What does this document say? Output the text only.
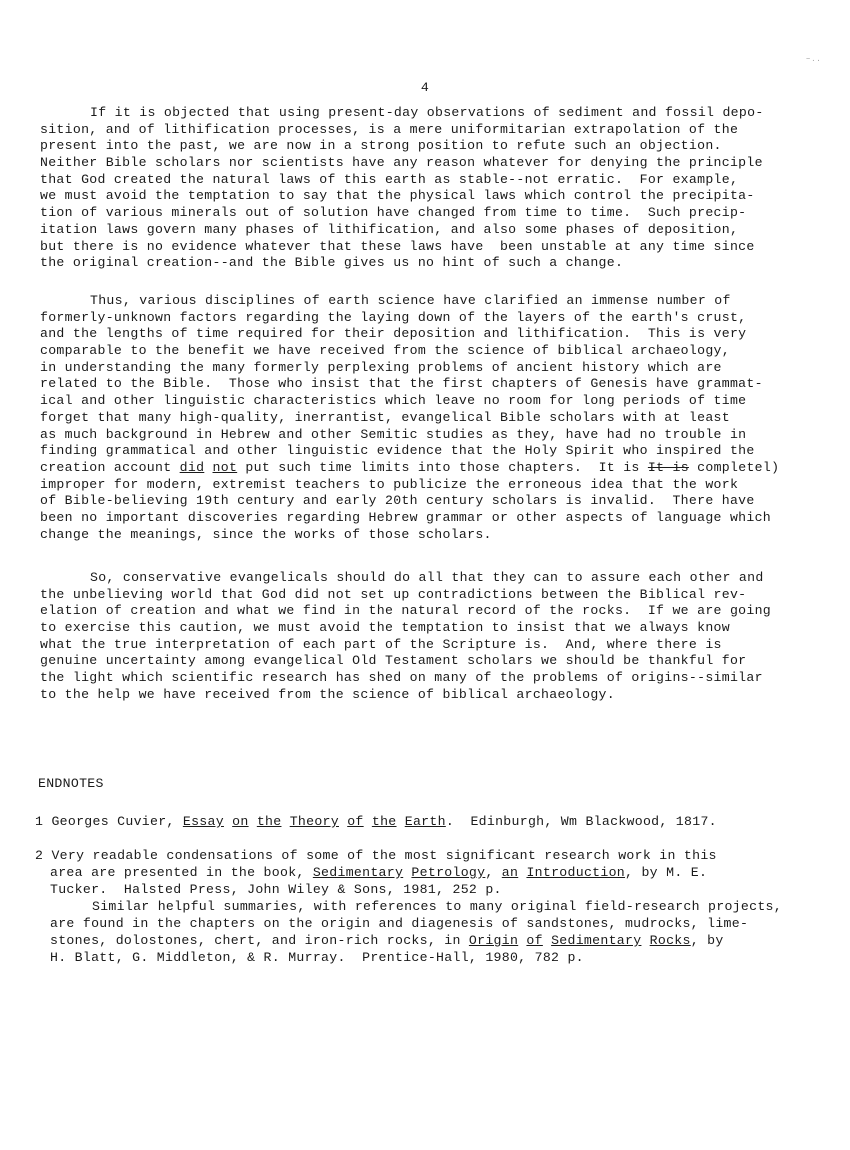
~..
4
If it is objected that using present-day observations of sediment and fossil depo-
sition, and of lithification processes, is a mere uniformitarian extrapolation of the
present into the past, we are now in a strong position to refute such an objection.
Neither Bible scholars nor scientists have any reason whatever for denying the principle
that God created the natural laws of this earth as stable--not erratic.  For example,
we must avoid the temptation to say that the physical laws which control the precipita-
tion of various minerals out of solution have changed from time to time.  Such precip-
itation laws govern many phases of lithification, and also some phases of deposition,
but there is no evidence whatever that these laws have  been unstable at any time since
the original creation--and the Bible gives us no hint of such a change.
Thus, various disciplines of earth science have clarified an immense number of
formerly-unknown factors regarding the laying down of the layers of the earth's crust,
and the lengths of time required for their deposition and lithification.  This is very
comparable to the benefit we have received from the science of biblical archaeology,
in understanding the many formerly perplexing problems of ancient history which are
related to the Bible.  Those who insist that the first chapters of Genesis have grammat-
ical and other linguistic characteristics which leave no room for long periods of time
forget that many high-quality, inerrantist, evangelical Bible scholars with at least
as much background in Hebrew and other Semitic studies as they, have had no trouble in
finding grammatical and other linguistic evidence that the Holy Spirit who inspired the
creation account did not put such time limits into those chapters.  It is It is completel)
improper for modern, extremist teachers to publicize the erroneous idea that the work
of Bible-believing 19th century and early 20th century scholars is invalid.  There have
been no important discoveries regarding Hebrew grammar or other aspects of language which
change the meanings, since the works of those scholars.
So, conservative evangelicals should do all that they can to assure each other and
the unbelieving world that God did not set up contradictions between the Biblical rev-
elation of creation and what we find in the natural record of the rocks.  If we are going
to exercise this caution, we must avoid the temptation to insist that we always know
what the true interpretation of each part of the Scripture is.  And, where there is
genuine uncertainty among evangelical Old Testament scholars we should be thankful for
the light which scientific research has shed on many of the problems of origins--similar
to the help we have received from the science of biblical archaeology.
ENDNOTES
1 Georges Cuvier, Essay on the Theory of the Earth.  Edinburgh, Wm Blackwood, 1817.
2 Very readable condensations of some of the most significant research work in this
area are presented in the book, Sedimentary Petrology, an Introduction, by M. E.
Tucker.  Halsted Press, John Wiley & Sons, 1981, 252 p.
Similar helpful summaries, with references to many original field-research projects,
are found in the chapters on the origin and diagenesis of sandstones, mudrocks, lime-
stones, dolostones, chert, and iron-rich rocks, in Origin of Sedimentary Rocks, by
H. Blatt, G. Middleton, & R. Murray.  Prentice-Hall, 1980, 782 p.
